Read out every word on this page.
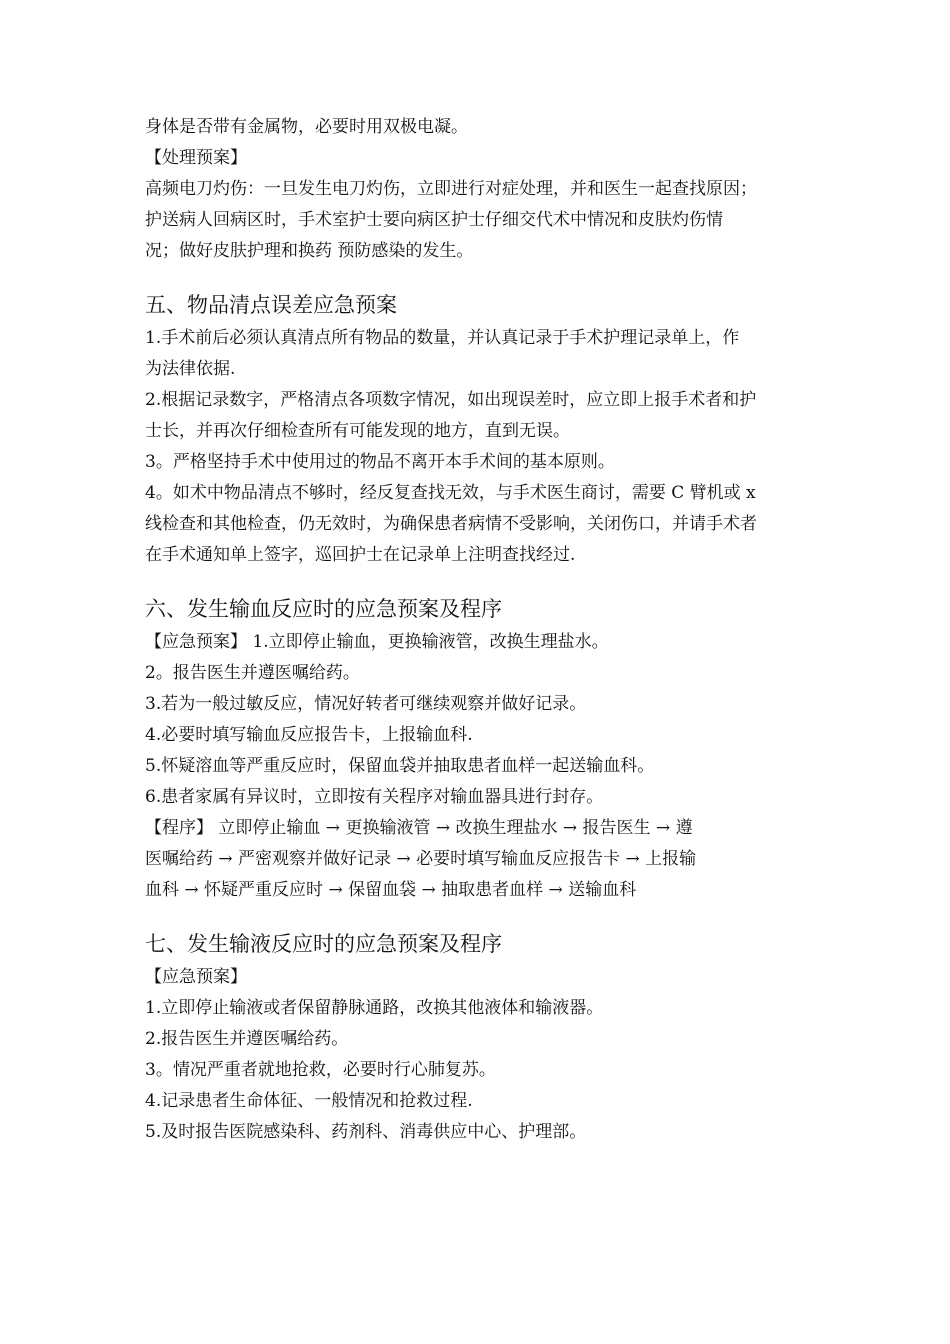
身体是否带有金属物，必要时用双极电凝。
【处理预案】
高频电刀灼伤：一旦发生电刀灼伤，立即进行对症处理，并和医生一起查找原因；
护送病人回病区时，手术室护士要向病区护士仔细交代术中情况和皮肤灼伤情
况；做好皮肤护理和换药 预防感染的发生。
五、物品清点误差应急预案
1.手术前后必须认真清点所有物品的数量，并认真记录于手术护理记录单上，作
为法律依据.
2.根据记录数字，严格清点各项数字情况，如出现误差时，应立即上报手术者和护
士长，并再次仔细检查所有可能发现的地方，直到无误。
3。严格坚持手术中使用过的物品不离开本手术间的基本原则。
4。如术中物品清点不够时，经反复查找无效，与手术医生商讨，需要 C 臂机或 x
线检查和其他检查，仍无效时，为确保患者病情不受影响，关闭伤口，并请手术者
在手术通知单上签字，巡回护士在记录单上注明查找经过.
六、发生输血反应时的应急预案及程序
【应急预案】 1.立即停止输血，更换输液管，改换生理盐水。
2。报告医生并遵医嘱给药。
3.若为一般过敏反应，情况好转者可继续观察并做好记录。
4.必要时填写输血反应报告卡，上报输血科.
5.怀疑溶血等严重反应时，保留血袋并抽取患者血样一起送输血科。
6.患者家属有异议时，立即按有关程序对输血器具进行封存。
【程序】 立即停止输血 → 更换输液管 → 改换生理盐水 → 报告医生 → 遵
医嘱给药 → 严密观察并做好记录 → 必要时填写输血反应报告卡 → 上报输
血科 → 怀疑严重反应时 → 保留血袋 → 抽取患者血样 → 送输血科
七、发生输液反应时的应急预案及程序
【应急预案】
1.立即停止输液或者保留静脉通路，改换其他液体和输液器。
2.报告医生并遵医嘱给药。
3。情况严重者就地抢救，必要时行心肺复苏。
4.记录患者生命体征、一般情况和抢救过程.
5.及时报告医院感染科、药剂科、消毒供应中心、护理部。
